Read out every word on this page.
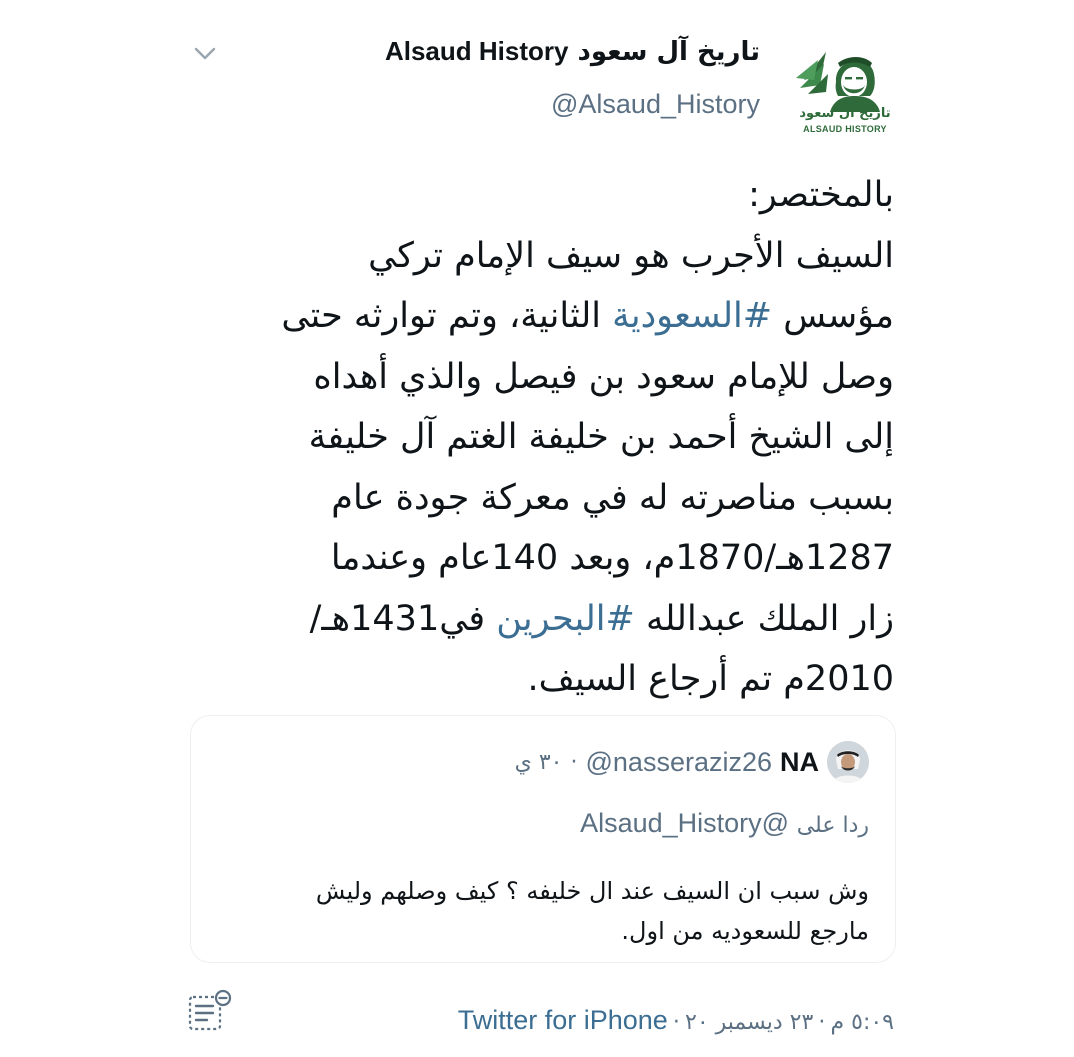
تاريخ آل سعود Alsaud History
@Alsaud_History	تاريخ آل سعود
ALSAUD HISTORY
بالمختصر:
السيف الأجرب هو سيف الإمام تركي
مؤسس #السعودية الثانية، وتم توارثه حتى
وصل للإمام سعود بن فيصل والذي أهداه
إلى الشيخ أحمد بن خليفة الغتم آل خليفة
بسبب مناصرته له في معركة جودة عام
1287هـ/1870م، وبعد 140عام وعندما
زار الملك عبدالله #البحرين في1431هـ/
2010م تم أرجاع السيف.
NA
@nasseraziz26
·
٣٠ ي
ردا على @Alsaud_History
وش سبب ان السيف عند ال خليفه ؟ كيف وصلهم وليش
مارجع للسعوديه من اول.
٥:٠٩ م · ٢٣ ديسمبر ٢٠ · Twitter for iPhone
